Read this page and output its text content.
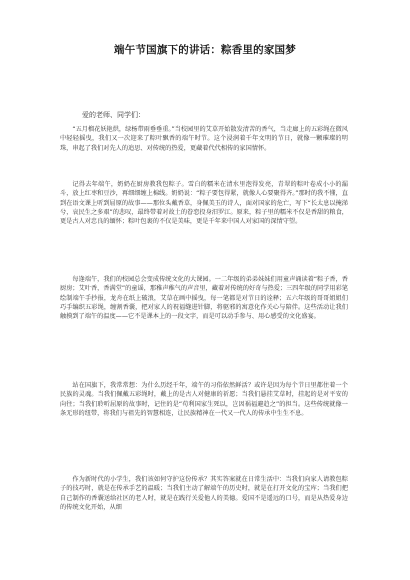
端午节国旗下的讲话：粽香里的家国梦

爱的老师、同学们：

“五月榴花妖艳烘，绿杨带雨垂垂重。”当校园里的艾草开始散发清苦的香气，当走廊上的五彩绳在微风中轻轻摇曳，我们又一次迎来了粽叶飘香的端午时节。这个浸润着千年文明的节日，就像一颗璀璨的明珠，串起了我们对先人的追思、对传统的热爱，更藏着代代相传的家国情怀。

记得去年端午，奶奶在厨房教我包粽子。雪白的糯米在清水里泡得发亮，青翠的粽叶卷成小小的漏斗，放上红枣和豆沙，再细细缠上棉线。奶奶说：“粽子要包得紧，就像人心要聚得齐。”那时的我不懂，直到在语文课上听到屈原的故事——那位头戴香草，身佩美玉的诗人，面对国家的危亡，写下“长太息以掩涕兮，哀民生之多艰”的悲叹，最终带着对故土的眷恋投身汨罗江。原来，粽子里的糯米不仅是香甜的粮食，更是古人对忠良的缅怀；粽叶包裹的不仅是美味，更是千年来中国人对家国的深情守望。

每逢端午，我们的校园总会变成传统文化的大课园。一二年级的弟弟妹妹们用童声诵读着“粽子香，香厨房；艾叶香，香满堂”的童谣，那稚声稚气的声音里，藏着对传统的好奇与热爱；三四年级的同学用彩笔绘制端午手抄报，龙舟在纸上破浪，艾草在画中摇曳，每一笔都是对节日的诠释；五六年级的哥哥姐姐们巧手编织五彩绳，缠割香囊，把对家人的祝福缝进针脚，将驱邪的寓意化作关心与陪伴。这些活动让我们触摸到了端午的温度——它不是课本上的一段文字，而是可以动手参与、用心感受的文化盛宴。

站在国旗下，我常常想：为什么历经千年，端午的习俗依然鲜活？或许是因为每个节日里都住着一个民族的灵魂。当我们佩戴五彩绳时，戴上的是古人对健康的祈愿；当我们悬挂艾草时，挂起的是对平安的向往；当我们聆听屈原的故事时，记住的是“苟利国家生死以，岂因祸福避趋之”的担当。这些传统就像一条无形的纽带，将我们与祖先的智慧相连，让民族精神在一代又一代人的传承中生生不息。

作为新时代的小学生，我们该如何守护这份传承？其实答案就在日常生活中：当我们向家人请教包粽子的技巧时，就是在传承手艺的温暖；当我们主动了解端午的历史时，就是在打开文化的宝库；当我们把自己制作的香囊送给社区的老人时，就是在践行关爱他人的美德。爱国不是遥远的口号，而是从热爱身边的传统文化开始，从细
